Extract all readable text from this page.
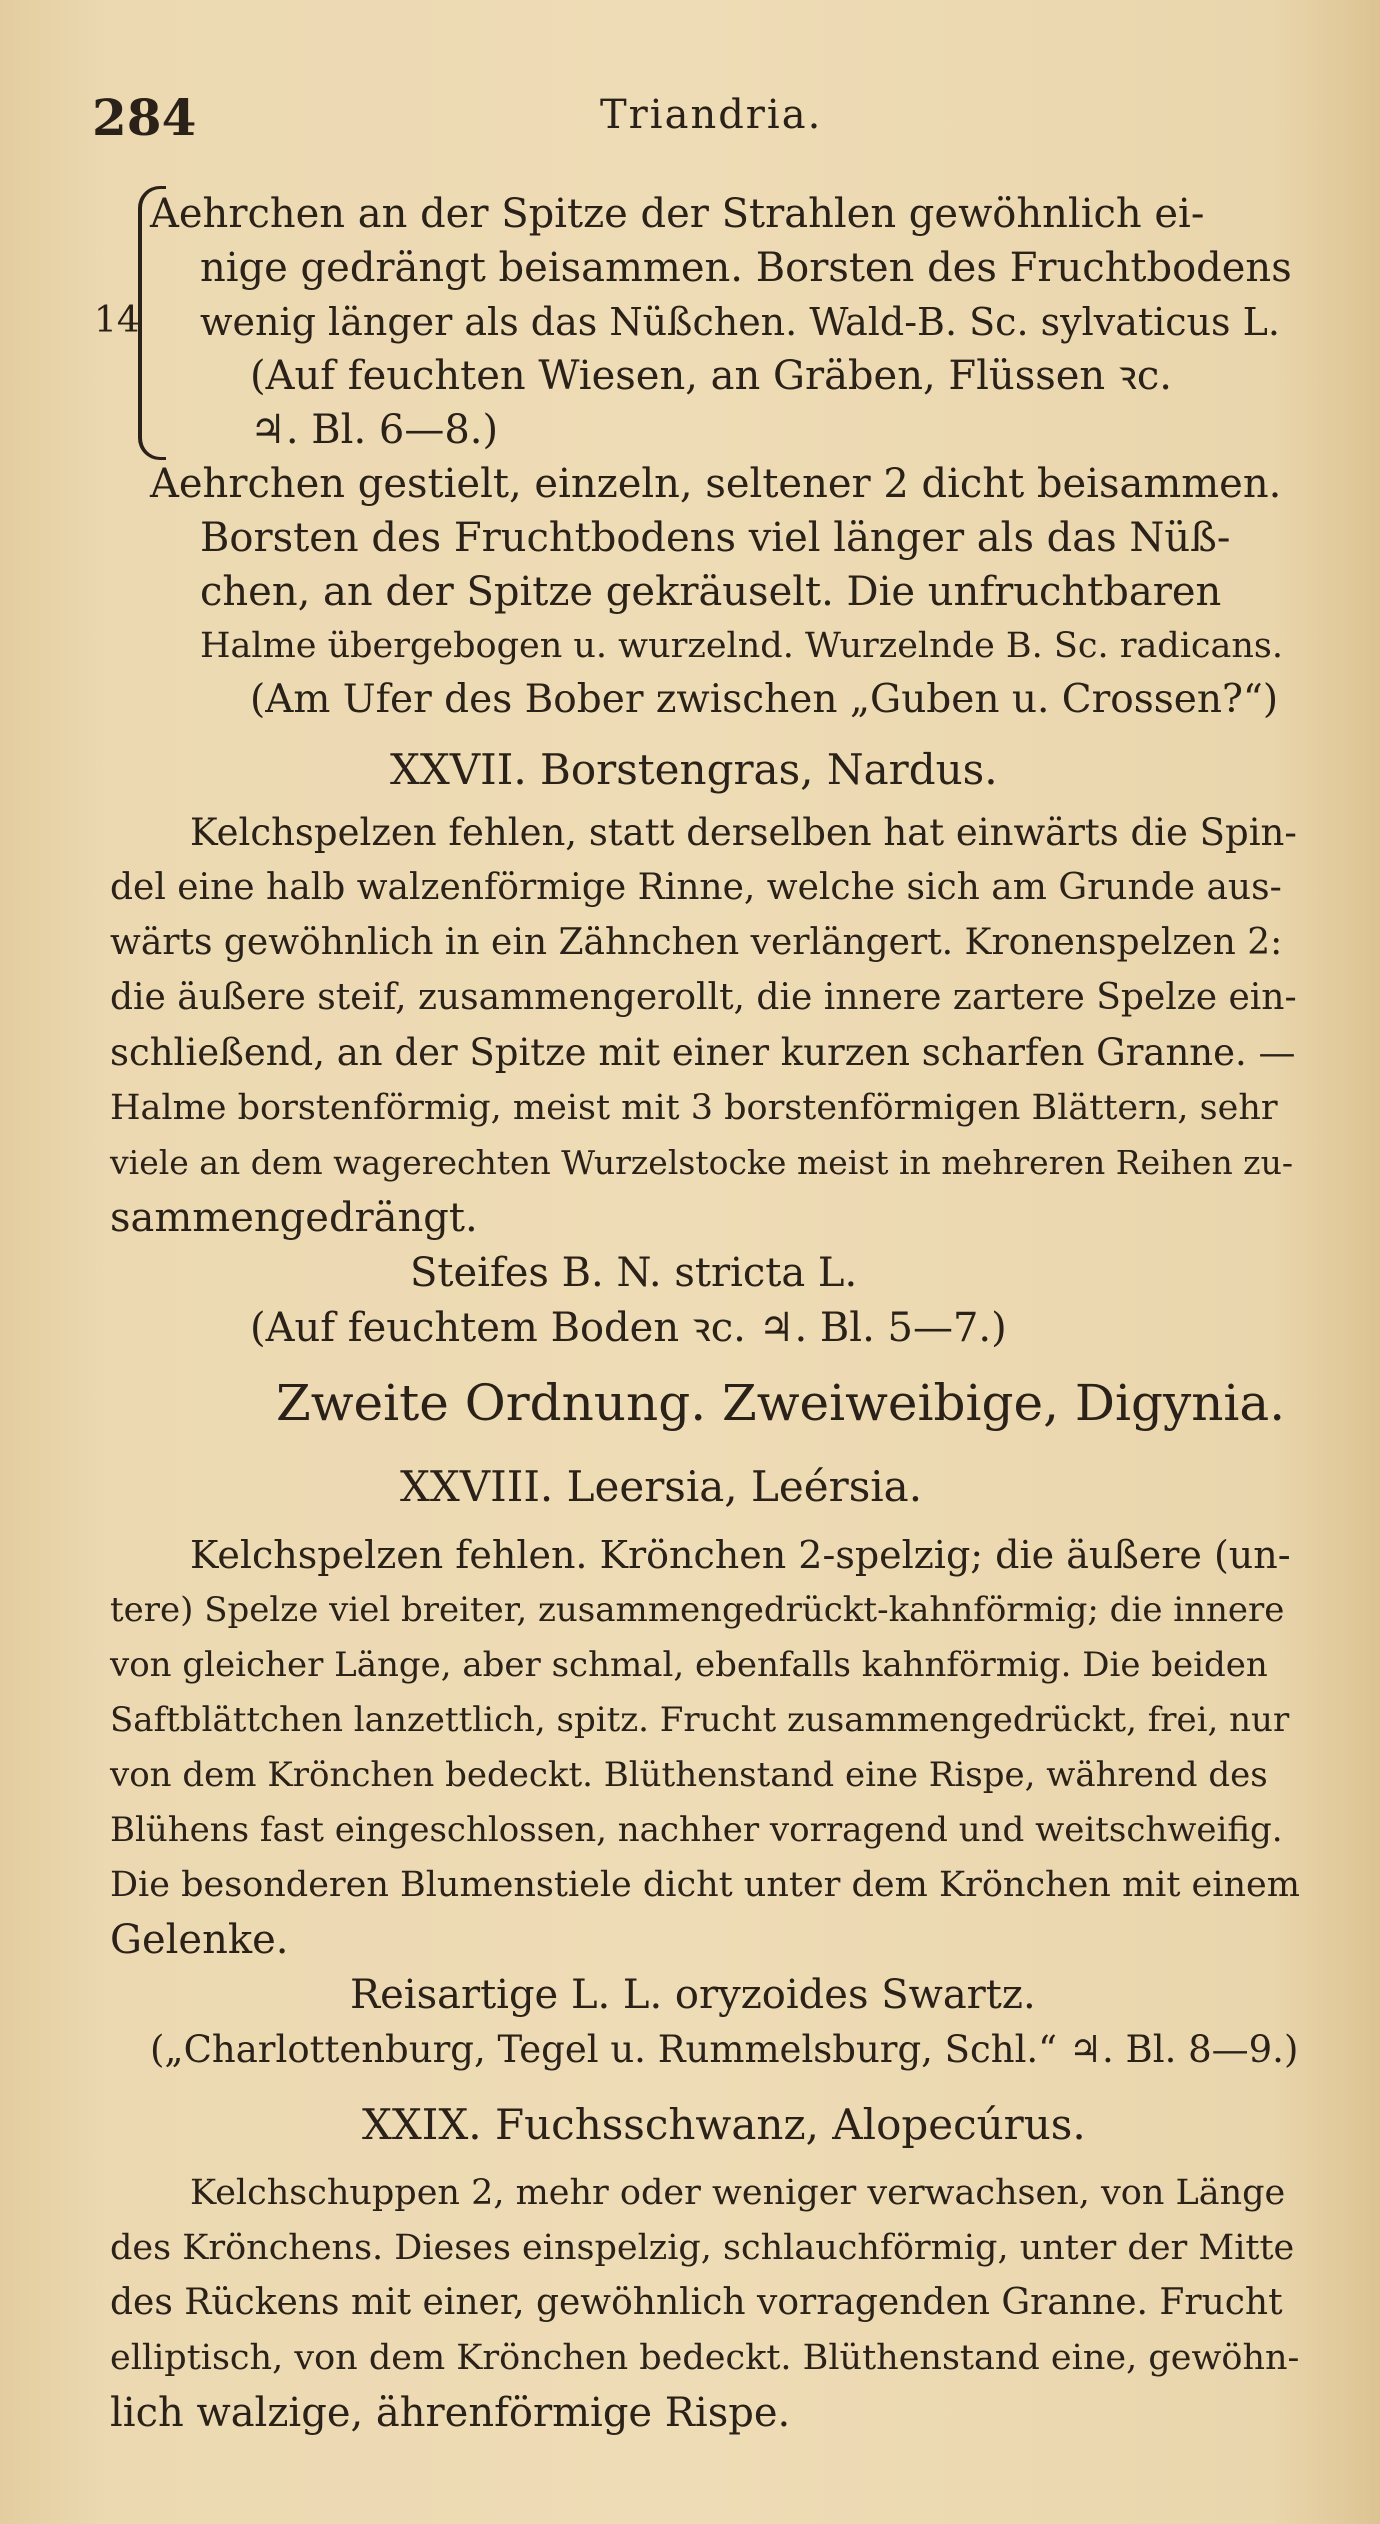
284	Triandria.
14
Aehrchen an der Spitze der Strahlen gewöhnlich ei-
nige gedrängt beisammen. Borsten des Fruchtbodens
wenig länger als das Nüßchen. Wald-B. Sc. sylvaticus L.
(Auf feuchten Wiesen, an Gräben, Flüssen ꝛc.
♃. Bl. 6—8.)
Aehrchen gestielt, einzeln, seltener 2 dicht beisammen.
Borsten des Fruchtbodens viel länger als das Nüß-
chen, an der Spitze gekräuselt. Die unfruchtbaren
Halme übergebogen u. wurzelnd. Wurzelnde B. Sc. radicans.
(Am Ufer des Bober zwischen „Guben u. Crossen?“)
XXVII. Borstengras, Nardus.
Kelchspelzen fehlen, statt derselben hat einwärts die Spin-
del eine halb walzenförmige Rinne, welche sich am Grunde aus-
wärts gewöhnlich in ein Zähnchen verlängert. Kronenspelzen 2:
die äußere steif, zusammengerollt, die innere zartere Spelze ein-
schließend, an der Spitze mit einer kurzen scharfen Granne. —
Halme borstenförmig, meist mit 3 borstenförmigen Blättern, sehr
viele an dem wagerechten Wurzelstocke meist in mehreren Reihen zu-
sammengedrängt.
Steifes B. N. stricta L.
(Auf feuchtem Boden ꝛc. ♃. Bl. 5—7.)
Zweite Ordnung. Zweiweibige, Digynia.
XXVIII. Leersia, Leérsia.
Kelchspelzen fehlen. Krönchen 2-spelzig; die äußere (un-
tere) Spelze viel breiter, zusammengedrückt-kahnförmig; die innere
von gleicher Länge, aber schmal, ebenfalls kahnförmig. Die beiden
Saftblättchen lanzettlich, spitz. Frucht zusammengedrückt, frei, nur
von dem Krönchen bedeckt. Blüthenstand eine Rispe, während des
Blühens fast eingeschlossen, nachher vorragend und weitschweifig.
Die besonderen Blumenstiele dicht unter dem Krönchen mit einem
Gelenke.
Reisartige L. L. oryzoides Swartz.
(„Charlottenburg, Tegel u. Rummelsburg, Schl.“ ♃. Bl. 8—9.)
XXIX. Fuchsschwanz, Alopecúrus.
Kelchschuppen 2, mehr oder weniger verwachsen, von Länge
des Krönchens. Dieses einspelzig, schlauchförmig, unter der Mitte
des Rückens mit einer, gewöhnlich vorragenden Granne. Frucht
elliptisch, von dem Krönchen bedeckt. Blüthenstand eine, gewöhn-
lich walzige, ährenförmige Rispe.
